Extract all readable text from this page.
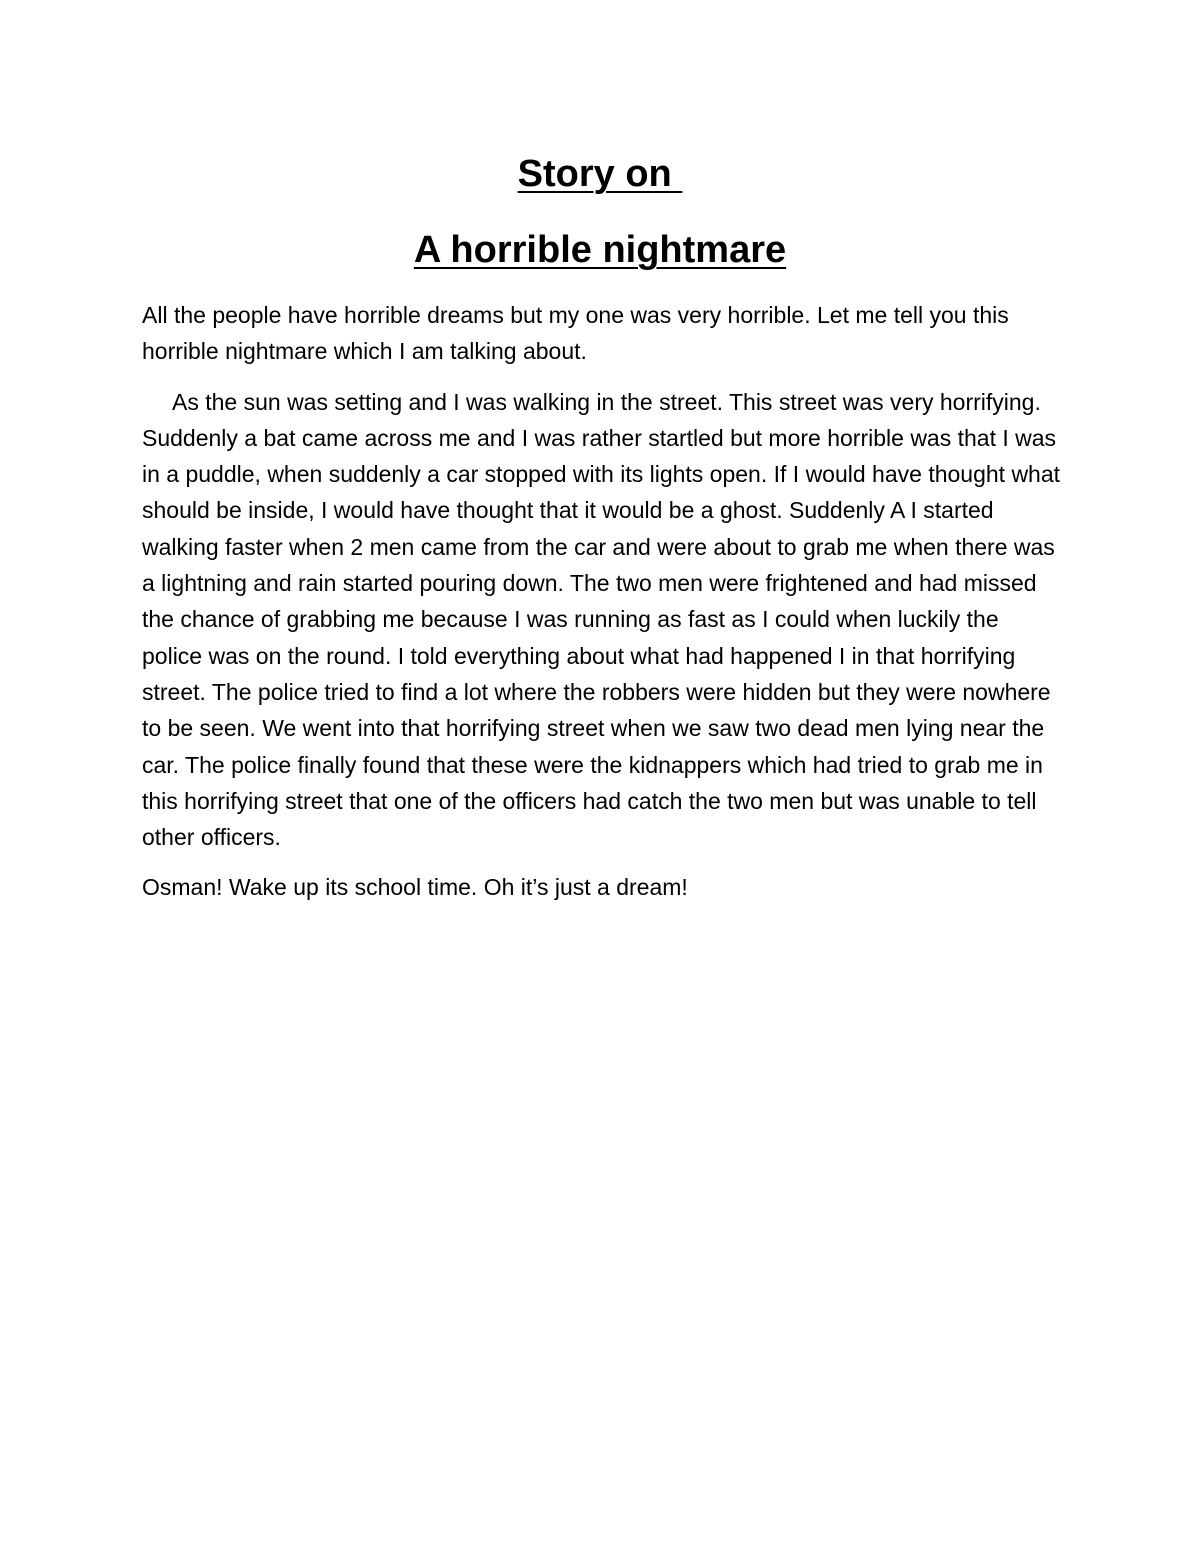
Story on
A horrible nightmare

All the people have horrible dreams but my one was very horrible. Let me tell you this horrible nightmare which I am talking about.

As the sun was setting and I was walking in the street. This street was very horrifying. Suddenly a bat came across me and I was rather startled but more horrible was that I was in a puddle, when suddenly a car stopped with its lights open. If I would have thought what should be inside, I would have thought that it would be a ghost. Suddenly A I started walking faster when 2 men came from the car and were about to grab me when there was a lightning and rain started pouring down. The two men were frightened and had missed the chance of grabbing me because I was running as fast as I could when luckily the police was on the round. I told everything about what had happened I in that horrifying street. The police tried to find a lot where the robbers were hidden but they were nowhere to be seen. We went into that horrifying street when we saw two dead men lying near the car. The police finally found that these were the kidnappers which had tried to grab me in this horrifying street that one of the officers had catch the two men but was unable to tell other officers.

Osman! Wake up its school time. Oh it’s just a dream!
